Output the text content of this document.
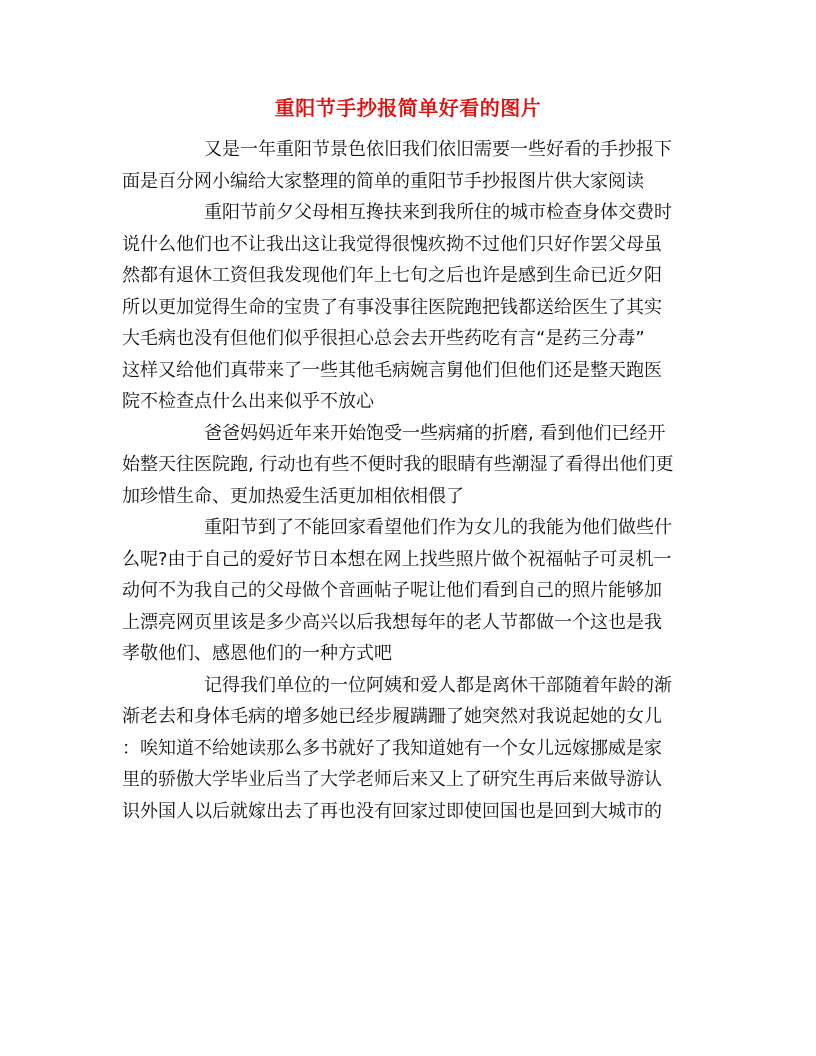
重阳节手抄报简单好看的图片
又是一年重阳节景色依旧我们依旧需要一些好看的手抄报下
面是百分网小编给大家整理的简单的重阳节手抄报图片供大家阅读
重阳节前夕父母相互搀扶来到我所住的城市检查身体交费时
说什么他们也不让我出这让我觉得很愧疚拗不过他们只好作罢父母虽
然都有退休工资但我发现他们年上七旬之后也许是感到生命已近夕阳
所以更加觉得生命的宝贵了有事没事往医院跑把钱都送给医生了其实
大毛病也没有但他们似乎很担心总会去开些药吃有言“是药三分毒”
这样又给他们真带来了一些其他毛病婉言舅他们但他们还是整天跑医
院不检查点什么出来似乎不放心
爸爸妈妈近年来开始饱受一些病痛的折磨, 看到他们已经开
始整天往医院跑, 行动也有些不便时我的眼睛有些潮湿了看得出他们更
加珍惜生命、更加热爱生活更加相依相偎了
重阳节到了不能回家看望他们作为女儿的我能为他们做些什
么呢?由于自己的爱好节日本想在网上找些照片做个祝福帖子可灵机一
动何不为我自己的父母做个音画帖子呢让他们看到自己的照片能够加
上漂亮网页里该是多少高兴以后我想每年的老人节都做一个这也是我
孝敬他们、感恩他们的一种方式吧
记得我们单位的一位阿姨和爱人都是离休干部随着年龄的渐
渐老去和身体毛病的增多她已经步履蹒跚了她突然对我说起她的女儿
：唉知道不给她读那么多书就好了我知道她有一个女儿远嫁挪威是家
里的骄傲大学毕业后当了大学老师后来又上了研究生再后来做导游认
识外国人以后就嫁出去了再也没有回家过即使回国也是回到大城市的
